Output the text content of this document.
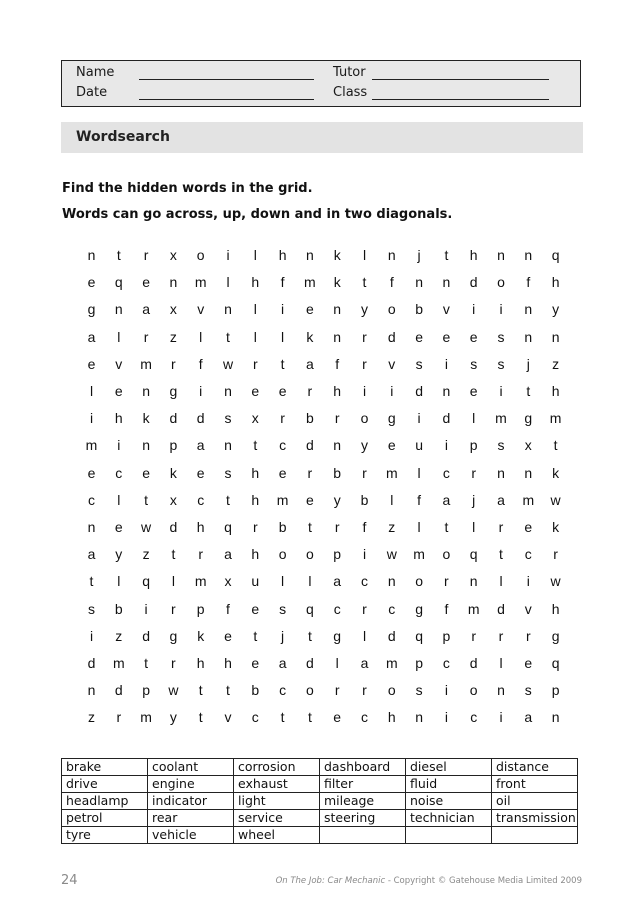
Name	Tutor
Date	Class
Wordsearch
Find the hidden words in the grid.
Words can go across, up, down and in two diagonals.
n	t	r	x	o	i	l	h	n	k	l	n	j	t	h	n	n	q
e	q	e	n	m	l	h	f	m	k	t	f	n	n	d	o	f	h
g	n	a	x	v	n	l	i	e	n	y	o	b	v	i	i	n	y
a	l	r	z	l	t	l	l	k	n	r	d	e	e	e	s	n	n
e	v	m	r	f	w	r	t	a	f	r	v	s	i	s	s	j	z
l	e	n	g	i	n	e	e	r	h	i	i	d	n	e	i	t	h
i	h	k	d	d	s	x	r	b	r	o	g	i	d	l	m	g	m
m	i	n	p	a	n	t	c	d	n	y	e	u	i	p	s	x	t
e	c	e	k	e	s	h	e	r	b	r	m	l	c	r	n	n	k
c	l	t	x	c	t	h	m	e	y	b	l	f	a	j	a	m	w
n	e	w	d	h	q	r	b	t	r	f	z	l	t	l	r	e	k
a	y	z	t	r	a	h	o	o	p	i	w	m	o	q	t	c	r
t	l	q	l	m	x	u	l	l	a	c	n	o	r	n	l	i	w
s	b	i	r	p	f	e	s	q	c	r	c	g	f	m	d	v	h
i	z	d	g	k	e	t	j	t	g	l	d	q	p	r	r	r	g
d	m	t	r	h	h	e	a	d	l	a	m	p	c	d	l	e	q
n	d	p	w	t	t	b	c	o	r	r	o	s	i	o	n	s	p
z	r	m	y	t	v	c	t	t	e	c	h	n	i	c	i	a	n
brake	coolant	corrosion	dashboard	diesel	distance
drive	engine	exhaust	filter	fluid	front
headlamp	indicator	light	mileage	noise	oil
petrol	rear	service	steering	technician	transmission
tyre	vehicle	wheel			
24	On The Job: Car Mechanic - Copyright © Gatehouse Media Limited 2009
